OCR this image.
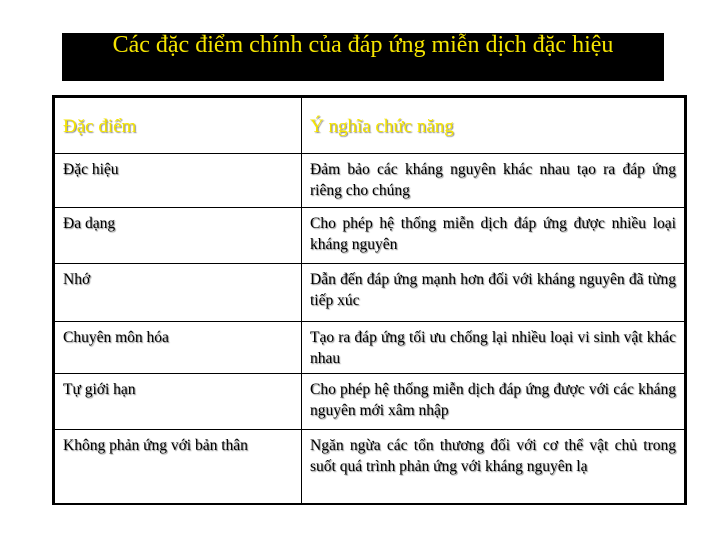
Các đặc điểm chính của đáp ứng miễn dịch đặc hiệu
Đặc điểm	Ý nghĩa chức năng
Đặc hiệu	Đảm bảo các kháng nguyên khác nhau tạo ra đáp ứng riêng cho chúng
Đa dạng	Cho phép hệ thống miễn dịch đáp ứng được nhiều loại kháng nguyên
Nhớ	Dẫn đến đáp ứng mạnh hơn đối với kháng nguyên đã từng tiếp xúc
Chuyên môn hóa	Tạo ra đáp ứng tối ưu chống lại nhiều loại vi sinh vật khác nhau
Tự giới hạn	Cho phép hệ thống miễn dịch đáp ứng được với các kháng nguyên mới xâm nhập
Không phản ứng với bản thân	Ngăn ngừa các tổn thương đối với cơ thể vật chủ trong suốt quá trình phản ứng với kháng nguyên lạ
